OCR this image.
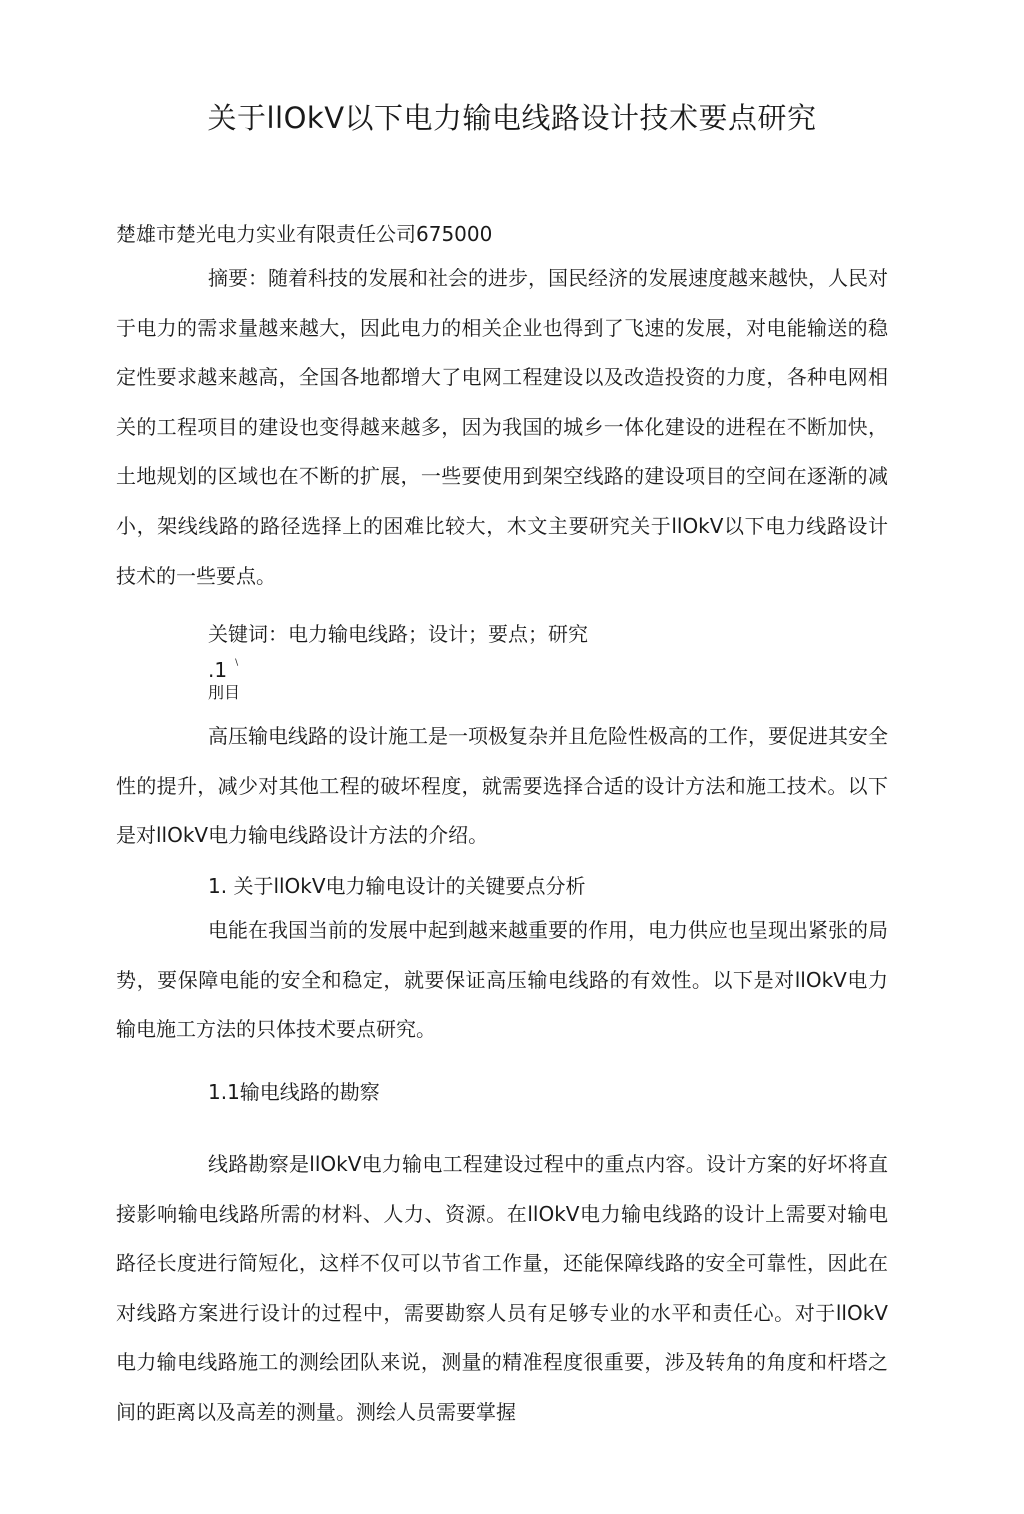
关于llOkV以下电力输电线路设计技术要点研究
楚雄市楚光电力实业有限责任公司675000

摘要：随着科技的发展和社会的进步，国民经济的发展速度越来越快，人民对于电力的需求量越来越大，因此电力的相关企业也得到了飞速的发展，对电能输送的稳定性要求越来越高，全国各地都增大了电网工程建设以及改造投资的力度，各种电网相关的工程项目的建设也变得越来越多，因为我国的城乡一体化建设的进程在不断加快，土地规划的区域也在不断的扩展，一些要使用到架空线路的建设项目的空间在逐渐的减小，架线线路的路径选择上的困难比较大，木文主要研究关于llOkV以下电力线路设计技术的一些要点。

关键词：电力输电线路；设计；要点；研究
.1 \
刖目

高压输电线路的设计施工是一项极复杂并且危险性极高的工作，要促进其安全性的提升，减少对其他工程的破坏程度，就需要选择合适的设计方法和施工技术。以下是对llOkV电力输电线路设计方法的介绍。

1. 关于llOkV电力输电设计的关键要点分析

电能在我国当前的发展中起到越来越重要的作用，电力供应也呈现出紧张的局势，要保障电能的安全和稳定，就要保证高压输电线路的有效性。以下是对llOkV电力输电施工方法的只体技术要点研究。

1.1输电线路的勘察

线路勘察是llOkV电力输电工程建设过程中的重点内容。设计方案的好坏将直接影响输电线路所需的材料、人力、资源。在llOkV电力输电线路的设计上需要对输电路径长度进行简短化，这样不仅可以节省工作量，还能保障线路的安全可靠性，因此在对线路方案进行设计的过程中，需要勘察人员有足够专业的水平和责任心。对于llOkV电力输电线路施工的测绘团队来说，测量的精准程度很重要，涉及转角的角度和杆塔之间的距离以及高差的测量。测绘人员需要掌握
